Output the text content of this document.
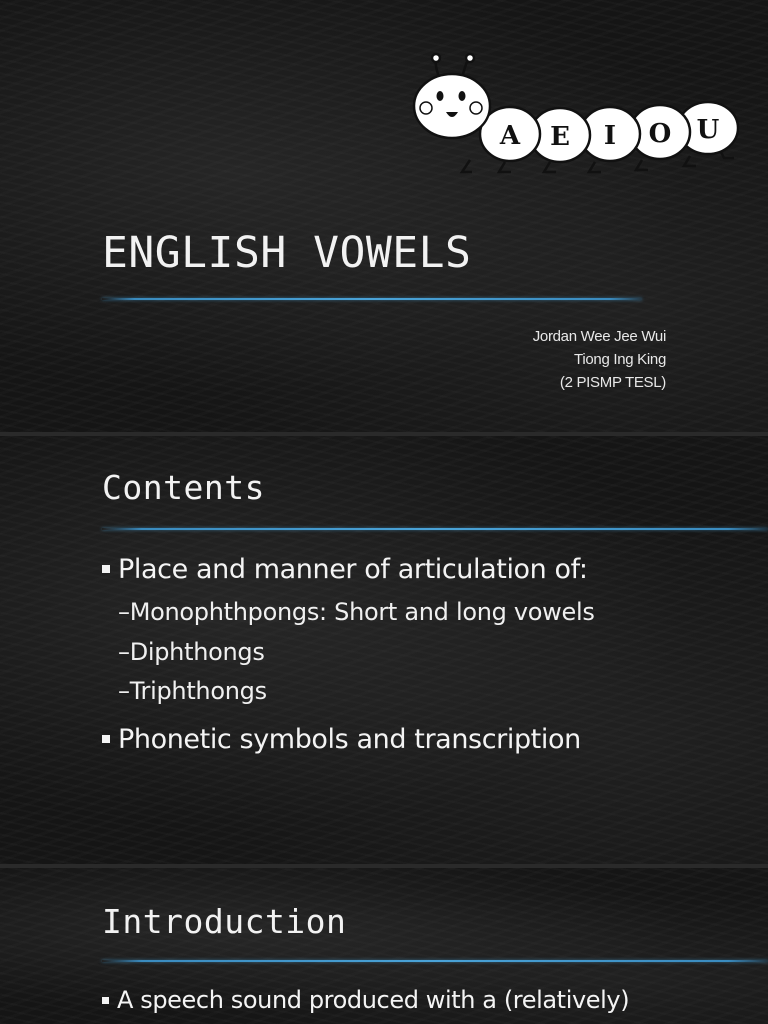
A E I O U
ENGLISH VOWELS
Jordan Wee Jee Wui
Tiong Ing King
(2 PISMP TESL)
Contents
Place and manner of articulation of:
–Monophthpongs: Short and long vowels
–Diphthongs
–Triphthongs
Phonetic symbols and transcription
Introduction
A speech sound produced with a (relatively)
